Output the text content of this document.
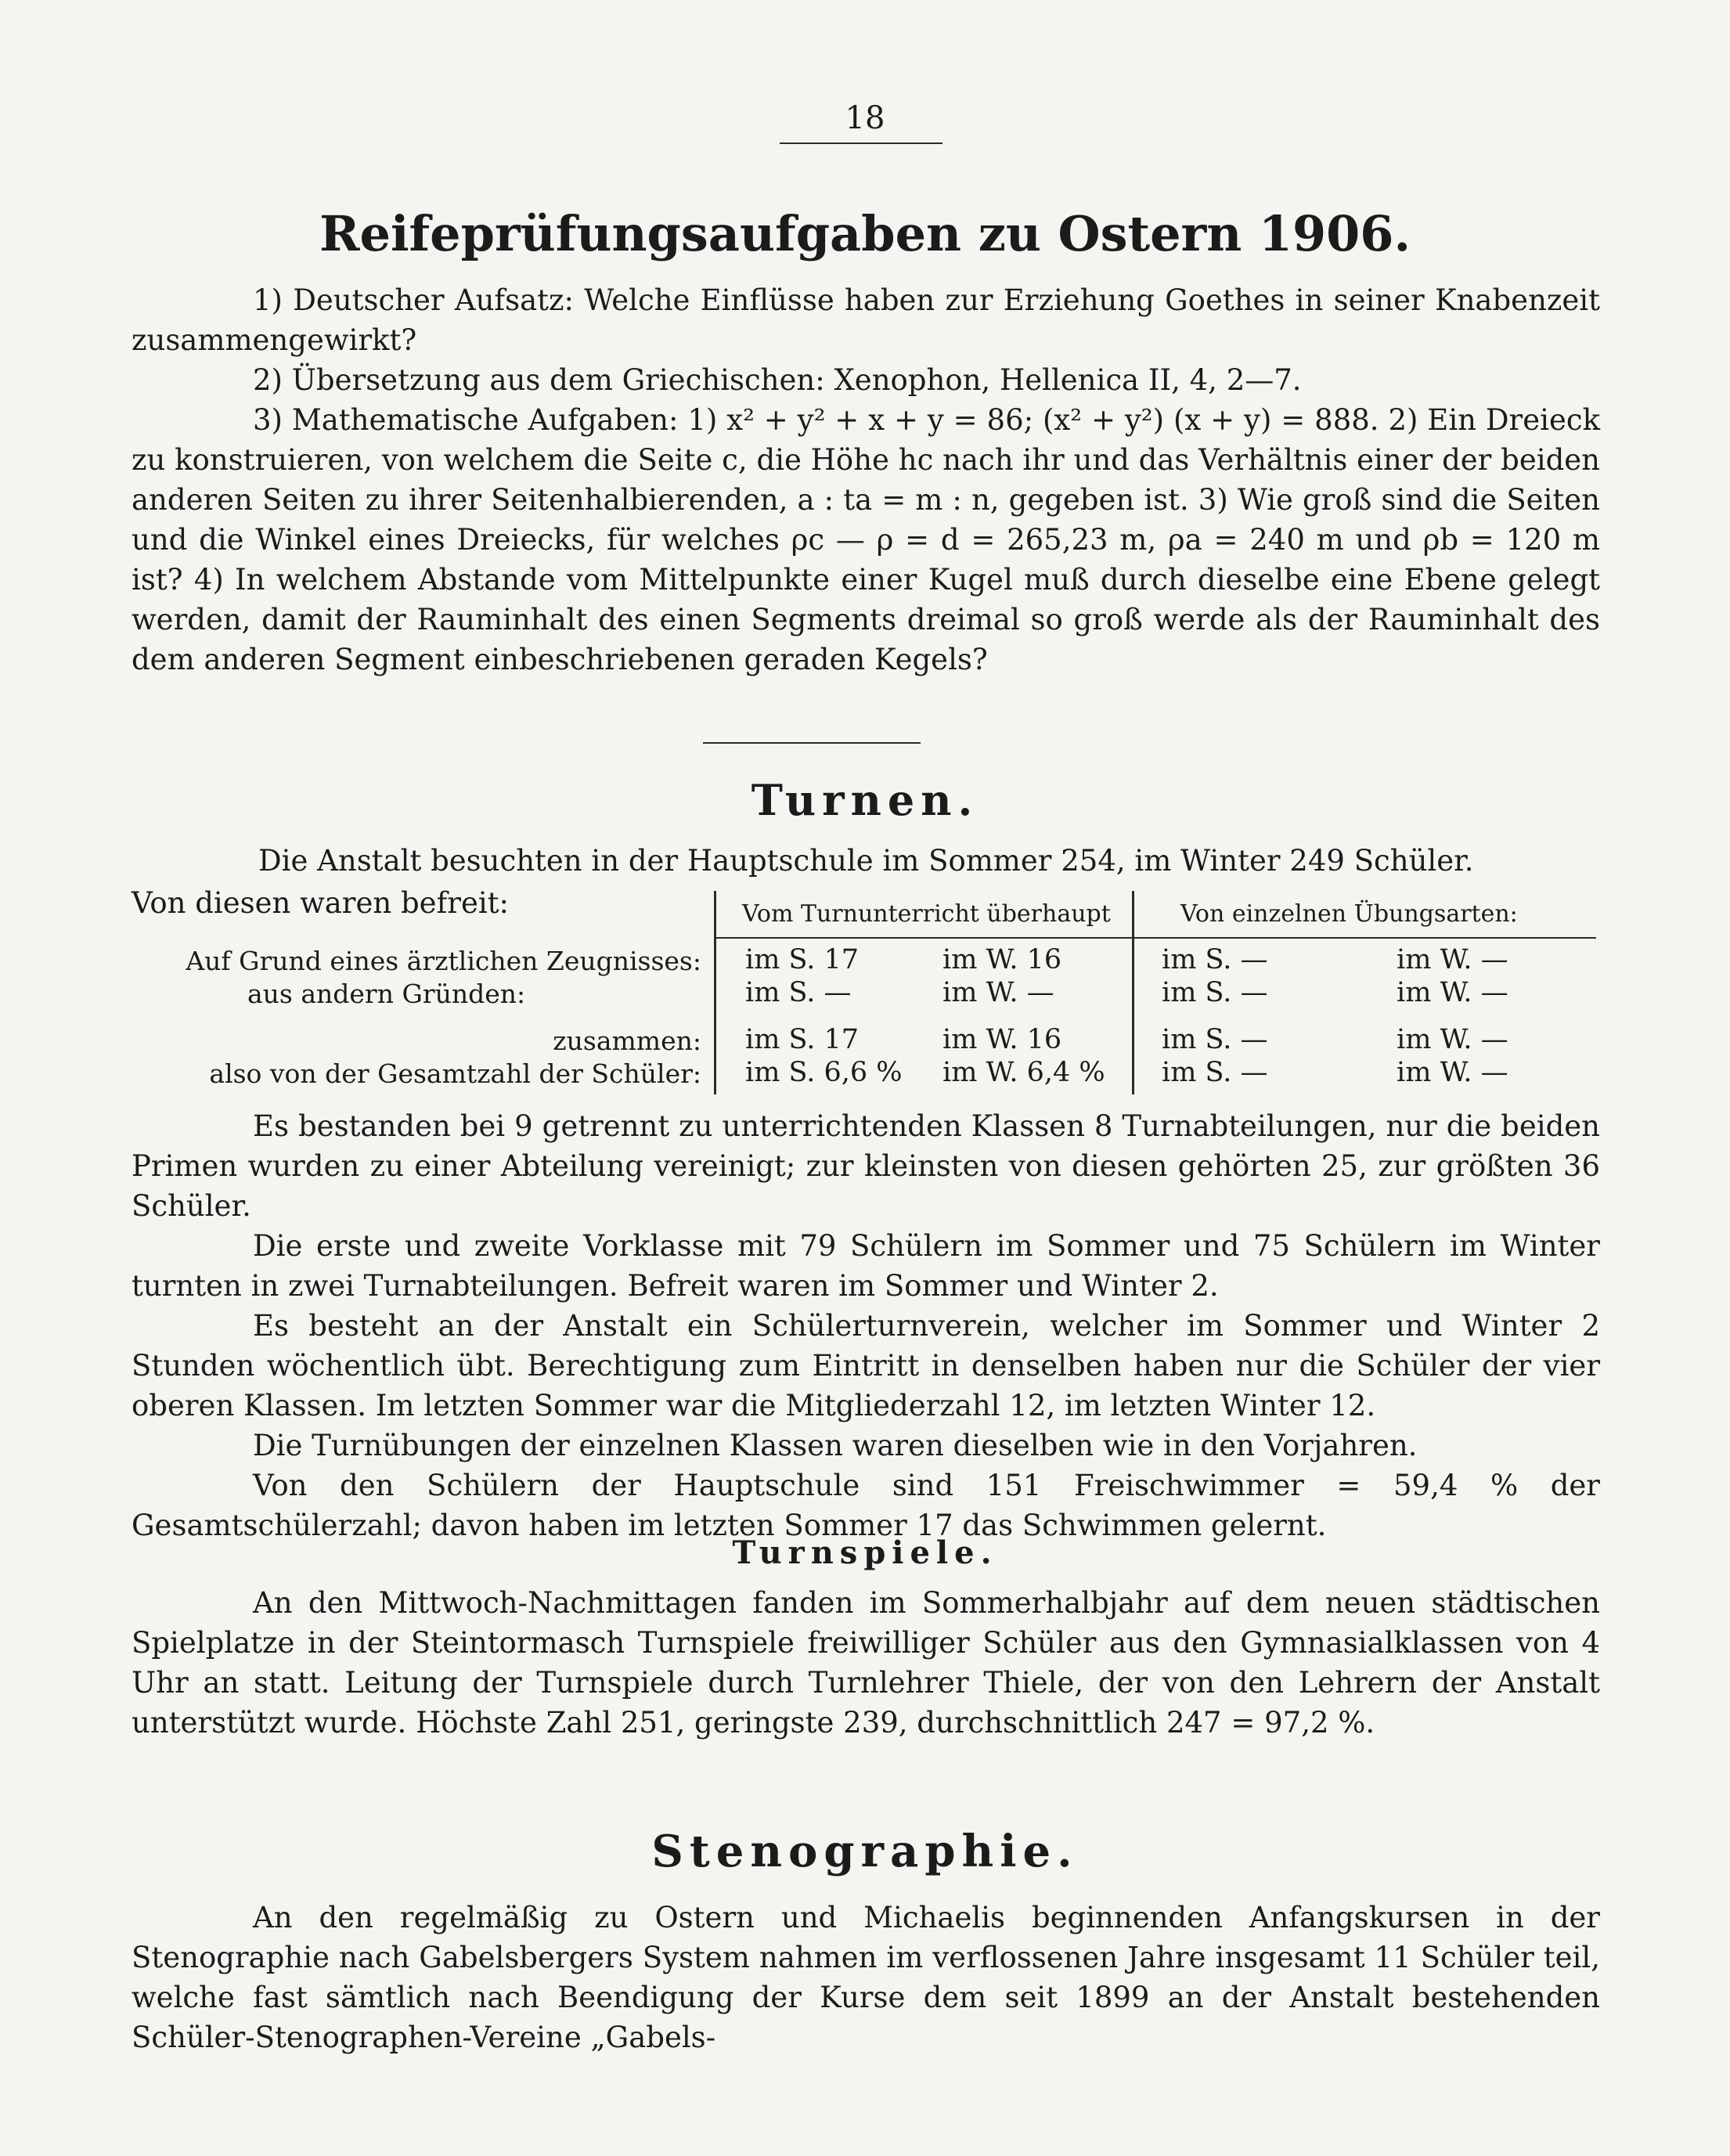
18
Reifeprüfungsaufgaben zu Ostern 1906.

1) Deutscher Aufsatz: Welche Einflüsse haben zur Erziehung Goethes in seiner Knabenzeit zusammengewirkt?

2) Übersetzung aus dem Griechischen: Xenophon, Hellenica II, 4, 2—7.

3) Mathematische Aufgaben: 1) x² + y² + x + y = 86; (x² + y²) (x + y) = 888. 2) Ein Dreieck zu konstruieren, von welchem die Seite c, die Höhe hc nach ihr und das Verhältnis einer der beiden anderen Seiten zu ihrer Seitenhalbierenden, a : ta = m : n, gegeben ist. 3) Wie groß sind die Seiten und die Winkel eines Dreiecks, für welches ρc — ρ = d = 265,23 m, ρa = 240 m und ρb = 120 m ist? 4) In welchem Abstande vom Mittelpunkte einer Kugel muß durch dieselbe eine Ebene gelegt werden, damit der Rauminhalt des einen Segments dreimal so groß werde als der Rauminhalt des dem anderen Segment einbeschriebenen geraden Kegels?

Turnen.
Die Anstalt besuchten in der Hauptschule im Sommer 254, im Winter 249 Schüler.
Von diesen waren befreit:	Vom Turnunterricht überhaupt	Von einzelnen Übungsarten:
Auf Grund eines ärztlichen Zeugnisses: im S. 17	im W. 16	im S. —	im W. —
aus andern Gründen:	im S. —	im W. —	im S. —	im W. —
zusammen: im S. 17	im W. 16	im S. —	im W. —
also von der Gesamtzahl der Schüler: im S. 6,6 % im W. 6,4 % im S. —	im W. —

Es bestanden bei 9 getrennt zu unterrichtenden Klassen 8 Turnabteilungen, nur die beiden Primen wurden zu einer Abteilung vereinigt; zur kleinsten von diesen gehörten 25, zur größten 36 Schüler.

Die erste und zweite Vorklasse mit 79 Schülern im Sommer und 75 Schülern im Winter turnten in zwei Turnabteilungen. Befreit waren im Sommer und Winter 2.

Es besteht an der Anstalt ein Schülerturnverein, welcher im Sommer und Winter 2 Stunden wöchentlich übt. Berechtigung zum Eintritt in denselben haben nur die Schüler der vier oberen Klassen. Im letzten Sommer war die Mitgliederzahl 12, im letzten Winter 12.

Die Turnübungen der einzelnen Klassen waren dieselben wie in den Vorjahren.

Von den Schülern der Hauptschule sind 151 Freischwimmer = 59,4 % der Gesamtschülerzahl; davon haben im letzten Sommer 17 das Schwimmen gelernt.

Turnspiele.

An den Mittwoch-Nachmittagen fanden im Sommerhalbjahr auf dem neuen städtischen Spielplatze in der Steintormasch Turnspiele freiwilliger Schüler aus den Gymnasialklassen von 4 Uhr an statt. Leitung der Turnspiele durch Turnlehrer Thiele, der von den Lehrern der Anstalt unterstützt wurde. Höchste Zahl 251, geringste 239, durchschnittlich 247 = 97,2 %.

Stenographie.

An den regelmäßig zu Ostern und Michaelis beginnenden Anfangskursen in der Stenographie nach Gabelsbergers System nahmen im verflossenen Jahre insgesamt 11 Schüler teil, welche fast sämtlich nach Beendigung der Kurse dem seit 1899 an der Anstalt bestehenden Schüler-Stenographen-Vereine „Gabels-
